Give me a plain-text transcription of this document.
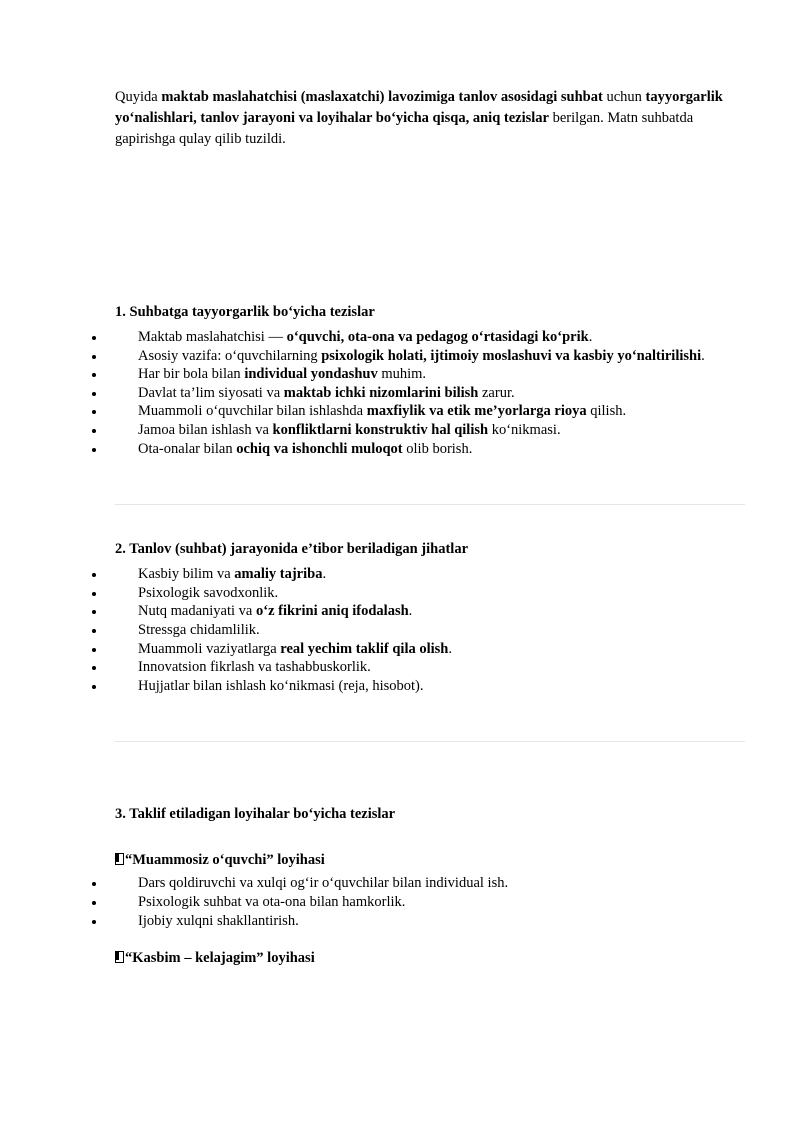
Quyida maktab maslahatchisi (maslaxatchi) lavozimiga tanlov asosidagi suhbat uchun tayyorgarlik yo‘nalishlari, tanlov jarayoni va loyihalar bo‘yicha qisqa, aniq tezislar berilgan. Matn suhbatda gapirishga qulay qilib tuzildi.

1. Suhbatga tayyorgarlik bo‘yicha tezislar
Maktab maslahatchisi — o‘quvchi, ota-ona va pedagog o‘rtasidagi ko‘prik.
Asosiy vazifa: o‘quvchilarning psixologik holati, ijtimoiy moslashuvi va kasbiy yo‘naltirilishi.
Har bir bola bilan individual yondashuv muhim.
Davlat ta’lim siyosati va maktab ichki nizomlarini bilish zarur.
Muammoli o‘quvchilar bilan ishlashda maxfiylik va etik me’yorlarga rioya qilish.
Jamoa bilan ishlash va konfliktlarni konstruktiv hal qilish ko‘nikmasi.
Ota-onalar bilan ochiq va ishonchli muloqot olib borish.
2. Tanlov (suhbat) jarayonida e’tibor beriladigan jihatlar
Kasbiy bilim va amaliy tajriba.
Psixologik savodxonlik.
Nutq madaniyati va o‘z fikrini aniq ifodalash.
Stressga chidamlilik.
Muammoli vaziyatlarga real yechim taklif qila olish.
Innovatsion fikrlash va tashabbuskorlik.
Hujjatlar bilan ishlash ko‘nikmasi (reja, hisobot).
3. Taklif etiladigan loyihalar bo‘yicha tezislar
“Muammosiz o‘quvchi” loyihasi
Dars qoldiruvchi va xulqi og‘ir o‘quvchilar bilan individual ish.
Psixologik suhbat va ota-ona bilan hamkorlik.
Ijobiy xulqni shakllantirish.
“Kasbim – kelajagim” loyihasi
